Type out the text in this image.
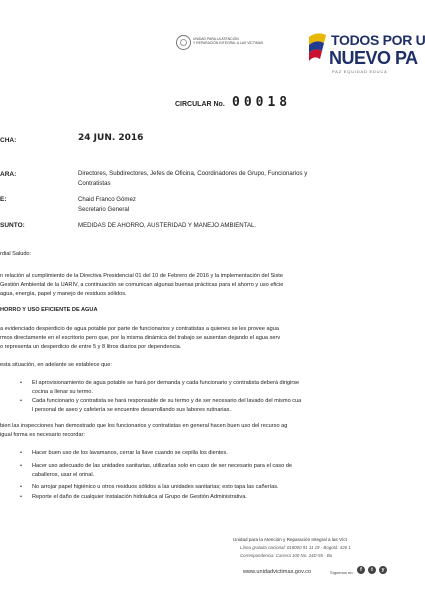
UNIDAD PARA LA ATENCIÓN
Y REPARACIÓN INTEGRAL A LAS VÍCTIMAS	TODOS POR U
NUEVO PA
PAZ EQUIDAD EDUCA
CIRCULAR No. 00018
CHA:	24 JUN. 2016
ARA:	Directores, Subdirectores, Jefes de Oficina, Coordinadores de Grupo, Funcionarios y
Contratistas
E:	Chaid Franco Gómez
Secretario General
SUNTO:	MEDIDAS DE AHORRO, AUSTERIDAD Y MANEJO AMBIENTAL.
rdial Saludo:
n relación al cumplimiento de la Directiva Presidencial 01 del 10 de Febrero de 2016 y la implementación del Siste
Gestión Ambiental de la UARIV, a continuación se comunican algunas buenas prácticas para el ahorro y uso eficie
agua, energía, papel y manejo de residuos sólidos.
HORRO Y USO EFICIENTE DE AGUA
a evidenciado desperdicio de agua potable por parte de funcionarios y contratistas a quienes se les provee agua
rmos directamente en el escritorio pero que, por la misma dinámica del trabajo se ausentan dejando el agua serv
o representa un desperdicio de entre 5 y 8 litros diarios por dependencia.
esta situación, en adelante se establece que:
• El aprovisionamiento de agua potable se hará por demanda y cada funcionario y contratista deberá dirigirse
cocina a llenar su termo.
• Cada funcionario y contratista se hará responsable de su termo y de ser necesario del lavado del mismo cua
l personal de aseo y cafetería se encuentre desarrollando sus labores rutinarias.
bien las inspecciones han demostrado que los funcionarios y contratistas en general hacen buen uso del recurso ag
igual forma es necesario recordar:
• Hacer buen uso de los lavamanos, cerrar la llave cuando se cepilla los dientes.
• Hacer uso adecuado de las unidades sanitarias, utilizarlas solo en caso de ser necesario para el caso de
caballeros, usar el orinal.
• No arrojar papel higiénico u otros residuos sólidos a las unidades sanitarias; esto tapa las cañerías.
• Reporte el daño de cualquier instalación hidráulica al Grupo de Gestión Administrativa.
Unidad para la Atención y Reparación Integral a las Víct
Línea gratuita nacional: 018000 91 11 19 · Bogotá: 426 1
Correspondencia: Carrera 100 No. 24D-55 · Bo
www.unidadvictimas.gov.co	Síguenos en:	f	t	y
